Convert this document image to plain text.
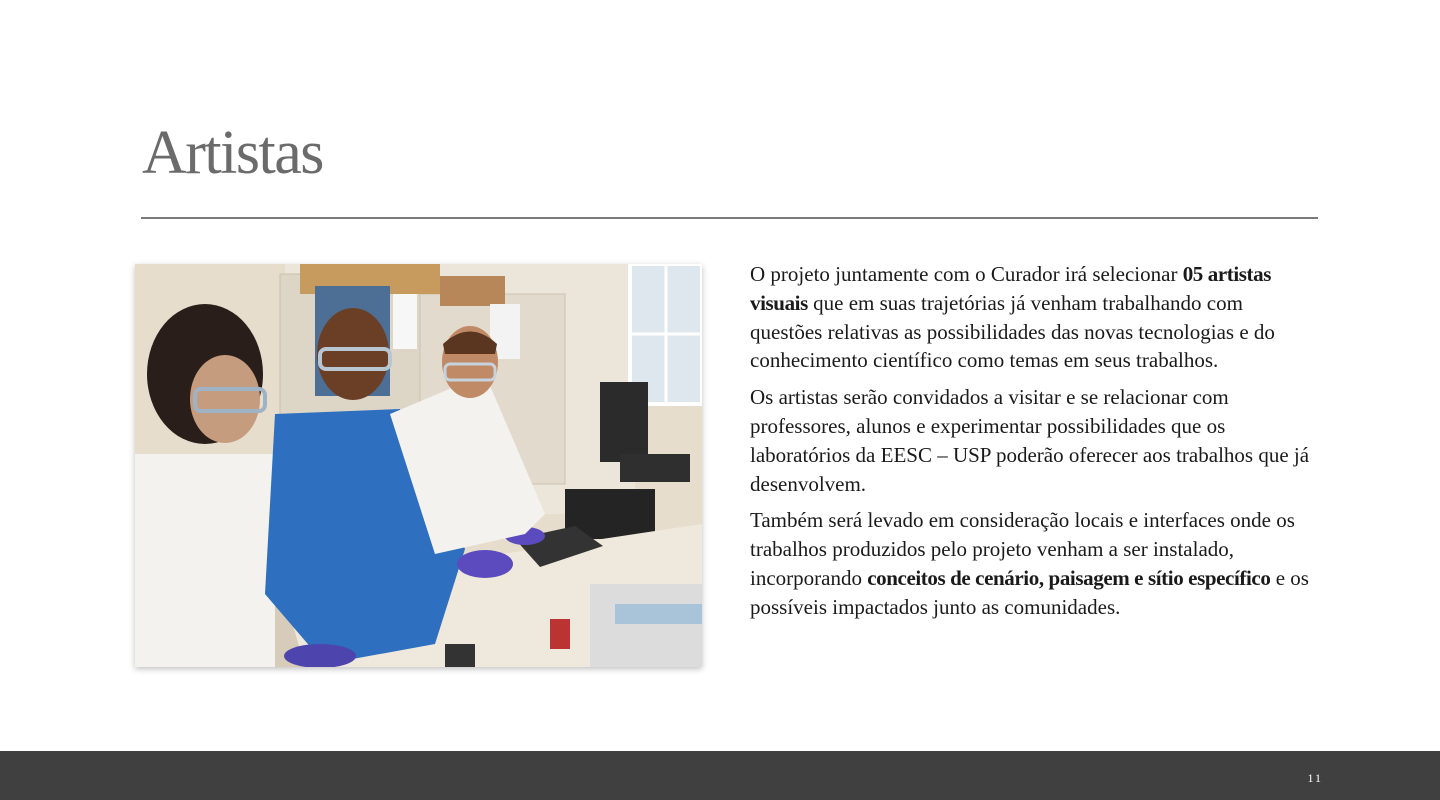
Artistas

O projeto juntamente com o Curador irá selecionar 05 artistas visuais que em suas trajetórias já venham trabalhando com questões relativas as possibilidades das novas tecnologias e do conhecimento científico como temas em seus trabalhos.

Os artistas serão convidados a visitar e se relacionar com professores, alunos e experimentar possibilidades que os laboratórios da EESC – USP poderão oferecer aos trabalhos que já desenvolvem.

Também será levado em consideração locais e interfaces onde os trabalhos produzidos pelo projeto venham a ser instalado, incorporando conceitos de cenário, paisagem e sítio específico e os possíveis impactados junto as comunidades.

11
